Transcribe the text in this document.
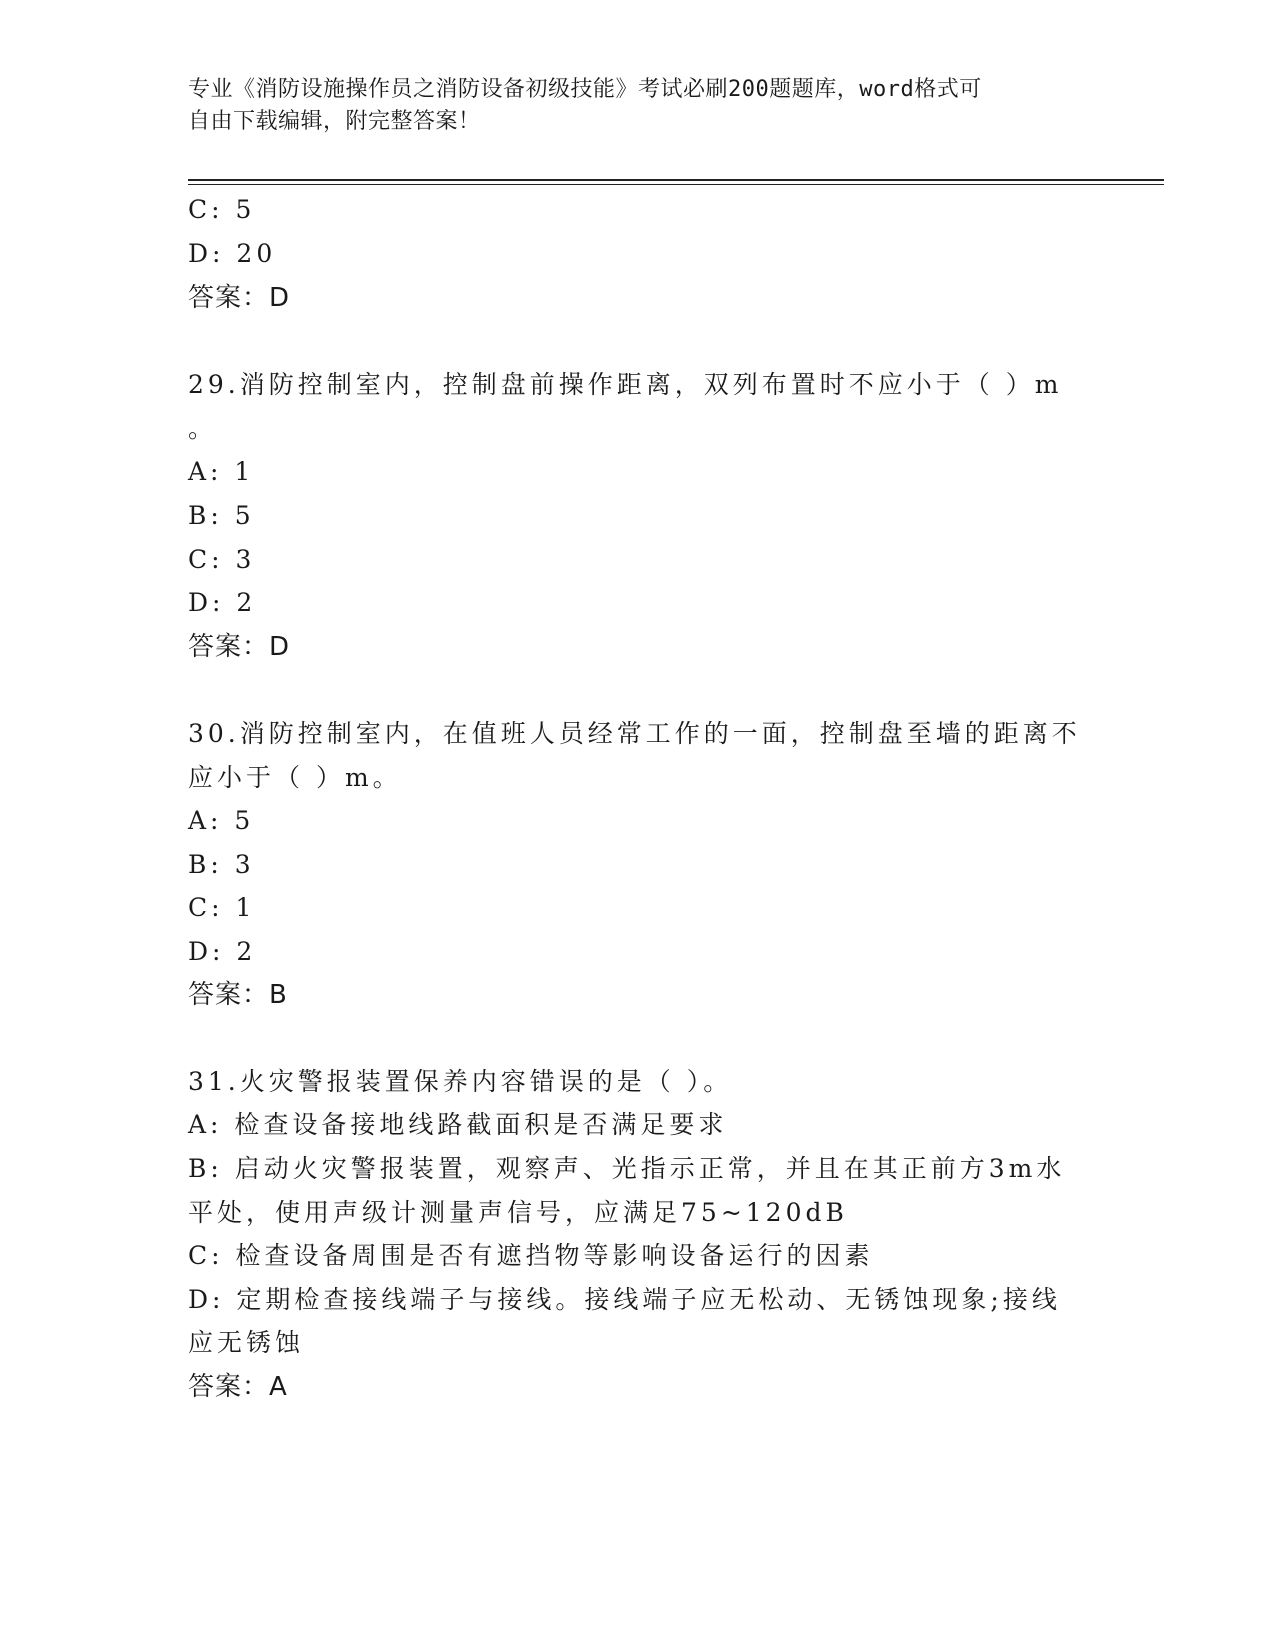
专业《消防设施操作员之消防设备初级技能》考试必刷200题题库，word格式可
自由下载编辑，附完整答案！
C: 5
D: 20
答案：D
29.消防控制室内，控制盘前操作距离，双列布置时不应小于（ ）m
。
A: 1
B: 5
C: 3
D: 2
答案：D
30.消防控制室内，在值班人员经常工作的一面，控制盘至墙的距离不
应小于（ ）m。
A: 5
B: 3
C: 1
D: 2
答案：B
31.火灾警报装置保养内容错误的是（ ）。
A: 检查设备接地线路截面积是否满足要求
B: 启动火灾警报装置，观察声、光指示正常，并且在其正前方3m水
平处，使用声级计测量声信号，应满足75~120dB
C: 检查设备周围是否有遮挡物等影响设备运行的因素
D: 定期检查接线端子与接线。接线端子应无松动、无锈蚀现象;接线
应无锈蚀
答案：A
